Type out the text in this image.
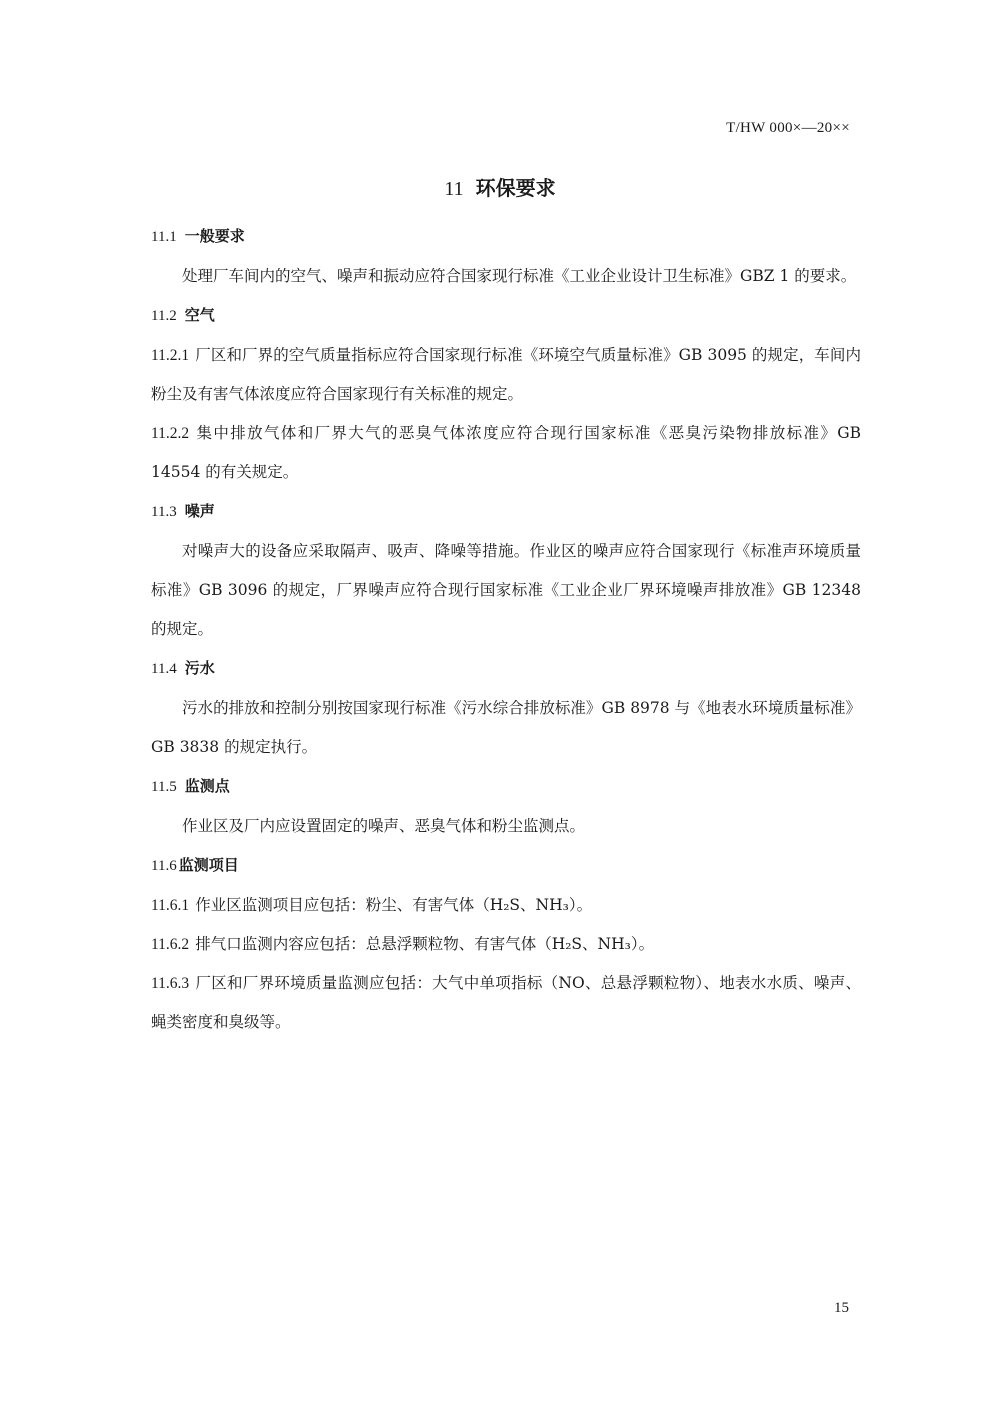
T/HW 000×—20××
11 环保要求
11.1 一般要求
处理厂车间内的空气、噪声和振动应符合国家现行标准《工业企业设计卫生标准》GBZ 1 的要求。
11.2 空气
11.2.1 厂区和厂界的空气质量指标应符合国家现行标准《环境空气质量标准》GB 3095 的规定，车间内粉尘及有害气体浓度应符合国家现行有关标准的规定。
11.2.2 集中排放气体和厂界大气的恶臭气体浓度应符合现行国家标准《恶臭污染物排放标准》GB 14554 的有关规定。
11.3 噪声
对噪声大的设备应采取隔声、吸声、降噪等措施。作业区的噪声应符合国家现行《标准声环境质量标准》GB 3096 的规定，厂界噪声应符合现行国家标准《工业企业厂界环境噪声排放准》GB 12348 的规定。
11.4 污水
污水的排放和控制分别按国家现行标准《污水综合排放标准》GB 8978 与《地表水环境质量标准》GB 3838 的规定执行。
11.5 监测点
作业区及厂内应设置固定的噪声、恶臭气体和粉尘监测点。
11.6 监测项目
11.6.1 作业区监测项目应包括：粉尘、有害气体（H₂S、NH₃）。
11.6.2 排气口监测内容应包括：总悬浮颗粒物、有害气体（H₂S、NH₃）。
11.6.3 厂区和厂界环境质量监测应包括：大气中单项指标（NO、总悬浮颗粒物）、地表水水质、噪声、蝇类密度和臭级等。
15
